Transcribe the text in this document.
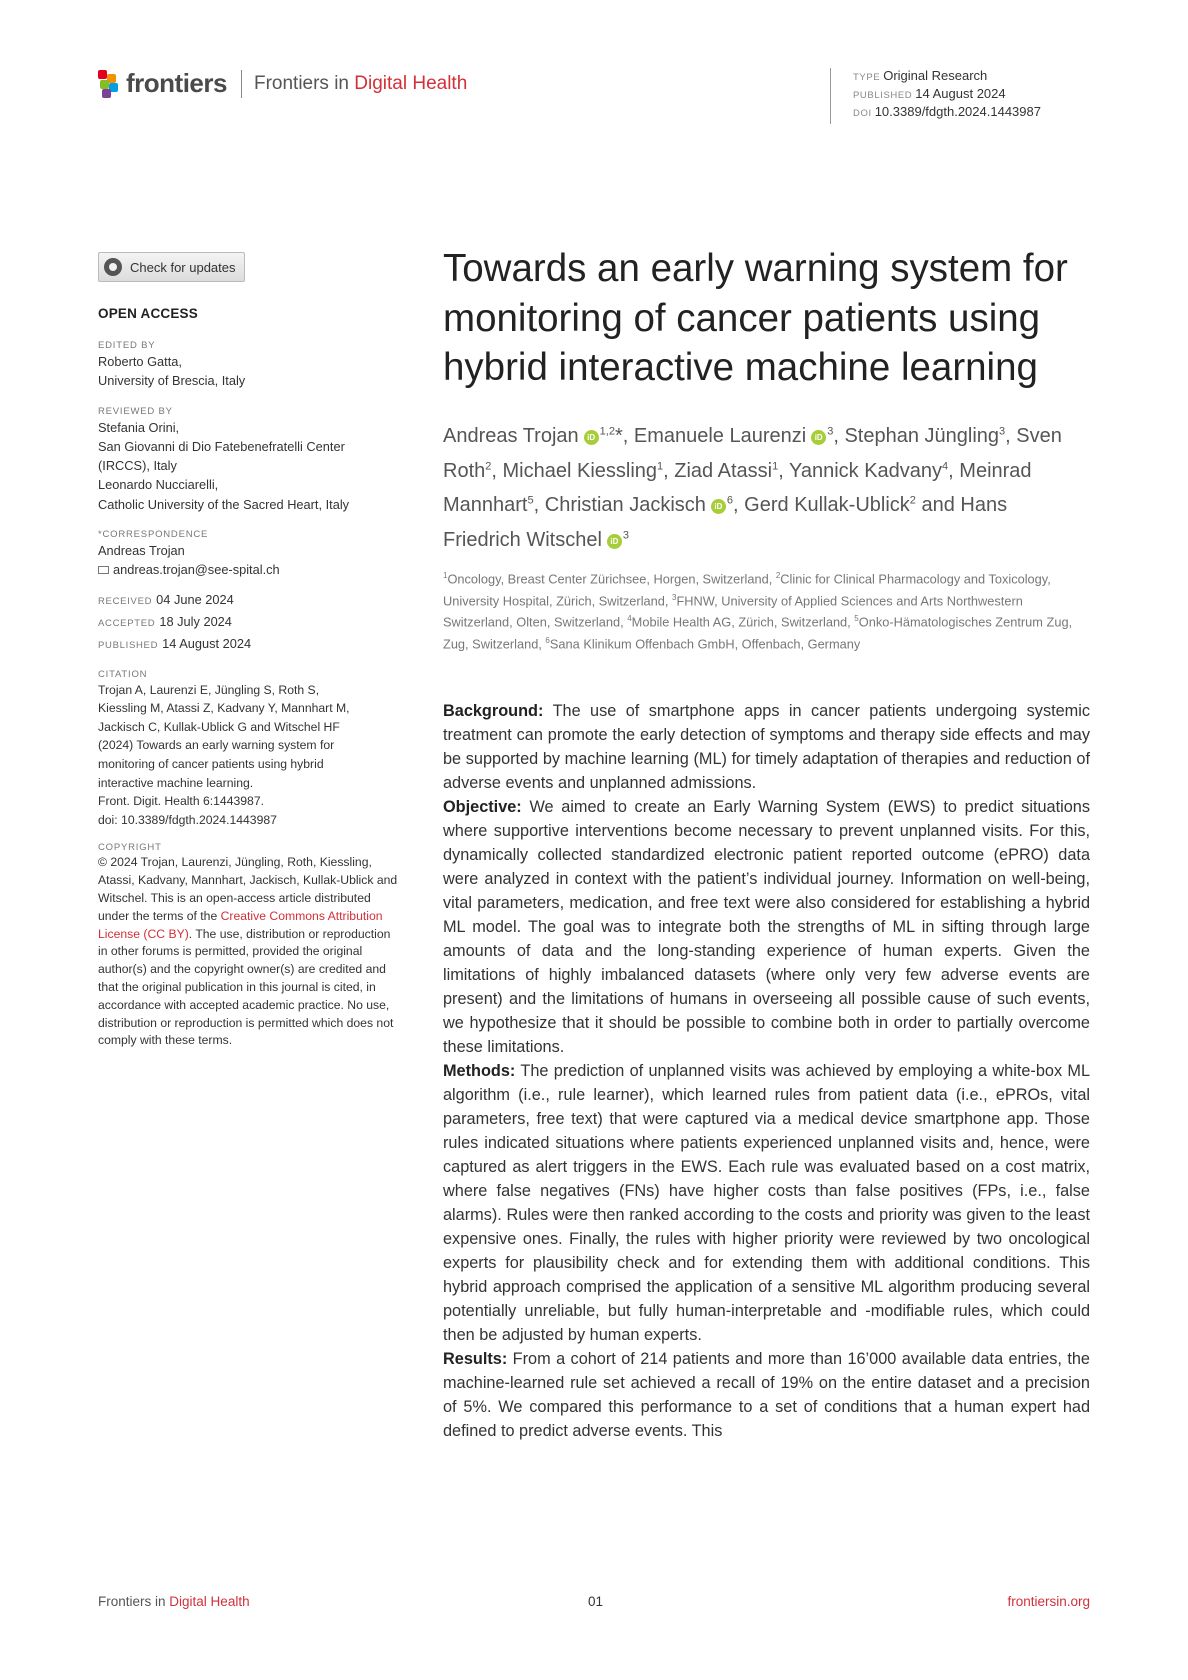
frontiers Frontiers in Digital Health	TYPE Original Research
PUBLISHED 14 August 2024
DOI 10.3389/fdgth.2024.1443987
Check for updates
OPEN ACCESS
EDITED BY
Roberto Gatta,
University of Brescia, Italy
REVIEWED BY
Stefania Orini,
San Giovanni di Dio Fatebenefratelli Center
(IRCCS), Italy
Leonardo Nucciarelli,
Catholic University of the Sacred Heart, Italy
*CORRESPONDENCE
Andreas Trojan
andreas.trojan@see-spital.ch
RECEIVED 04 June 2024
ACCEPTED 18 July 2024
PUBLISHED 14 August 2024
CITATION
Trojan A, Laurenzi E, Jüngling S, Roth S,
Kiessling M, Atassi Z, Kadvany Y, Mannhart M,
Jackisch C, Kullak-Ublick G and Witschel HF
(2024) Towards an early warning system for
monitoring of cancer patients using hybrid
interactive machine learning.
Front. Digit. Health 6:1443987.
doi: 10.3389/fdgth.2024.1443987
COPYRIGHT
© 2024 Trojan, Laurenzi, Jüngling, Roth, Kiessling, Atassi, Kadvany, Mannhart, Jackisch, Kullak-Ublick and Witschel. This is an open-access article distributed under the terms of the Creative Commons Attribution License (CC BY). The use, distribution or reproduction in other forums is permitted, provided the original author(s) and the copyright owner(s) are credited and that the original publication in this journal is cited, in accordance with accepted academic practice. No use, distribution or reproduction is permitted which does not comply with these terms.
Towards an early warning system for monitoring of cancer patients using hybrid interactive machine learning
Andreas Trojan iD$^{1,2}$*, Emanuele Laurenzi $iD^3$, Stephan Jüngling$^3$, Sven Roth$^2$, Michael Kiessling$^1$, Ziad Atassi$^1$, Yannick Kadvany$^4$, Meinrad Mannhart$^5$, Christian Jackisch $iD^6$, Gerd Kullak-Ublick$^2$ and Hans Friedrich Witschel $iD^3$
$^1$Oncology, Breast Center Zürichsee, Horgen, Switzerland, $^2$Clinic for Clinical Pharmacology and Toxicology, University Hospital, Zürich, Switzerland, $^3$FHNW, University of Applied Sciences and Arts Northwestern Switzerland, Olten, Switzerland, $^4$Mobile Health AG, Zürich, Switzerland, $^5$Onko-Hämatologisches Zentrum Zug, Zug, Switzerland, $^6$Sana Klinikum Offenbach GmbH, Offenbach, Germany

Background: The use of smartphone apps in cancer patients undergoing systemic treatment can promote the early detection of symptoms and therapy side effects and may be supported by machine learning (ML) for timely adaptation of therapies and reduction of adverse events and unplanned admissions.

Objective: We aimed to create an Early Warning System (EWS) to predict situations where supportive interventions become necessary to prevent unplanned visits. For this, dynamically collected standardized electronic patient reported outcome (ePRO) data were analyzed in context with the patient’s individual journey. Information on well-being, vital parameters, medication, and free text were also considered for establishing a hybrid ML model. The goal was to integrate both the strengths of ML in sifting through large amounts of data and the long-standing experience of human experts. Given the limitations of highly imbalanced datasets (where only very few adverse events are present) and the limitations of humans in overseeing all possible cause of such events, we hypothesize that it should be possible to combine both in order to partially overcome these limitations.

Methods: The prediction of unplanned visits was achieved by employing a white-box ML algorithm (i.e., rule learner), which learned rules from patient data (i.e., ePROs, vital parameters, free text) that were captured via a medical device smartphone app. Those rules indicated situations where patients experienced unplanned visits and, hence, were captured as alert triggers in the EWS. Each rule was evaluated based on a cost matrix, where false negatives (FNs) have higher costs than false positives (FPs, i.e., false alarms). Rules were then ranked according to the costs and priority was given to the least expensive ones. Finally, the rules with higher priority were reviewed by two oncological experts for plausibility check and for extending them with additional conditions. This hybrid approach comprised the application of a sensitive ML algorithm producing several potentially unreliable, but fully human-interpretable and -modifiable rules, which could then be adjusted by human experts.

Results: From a cohort of 214 patients and more than 16’000 available data entries, the machine-learned rule set achieved a recall of 19% on the entire dataset and a precision of 5%. We compared this performance to a set of conditions that a human expert had defined to predict adverse events. This

Frontiers in Digital Health	01	frontiersin.org
